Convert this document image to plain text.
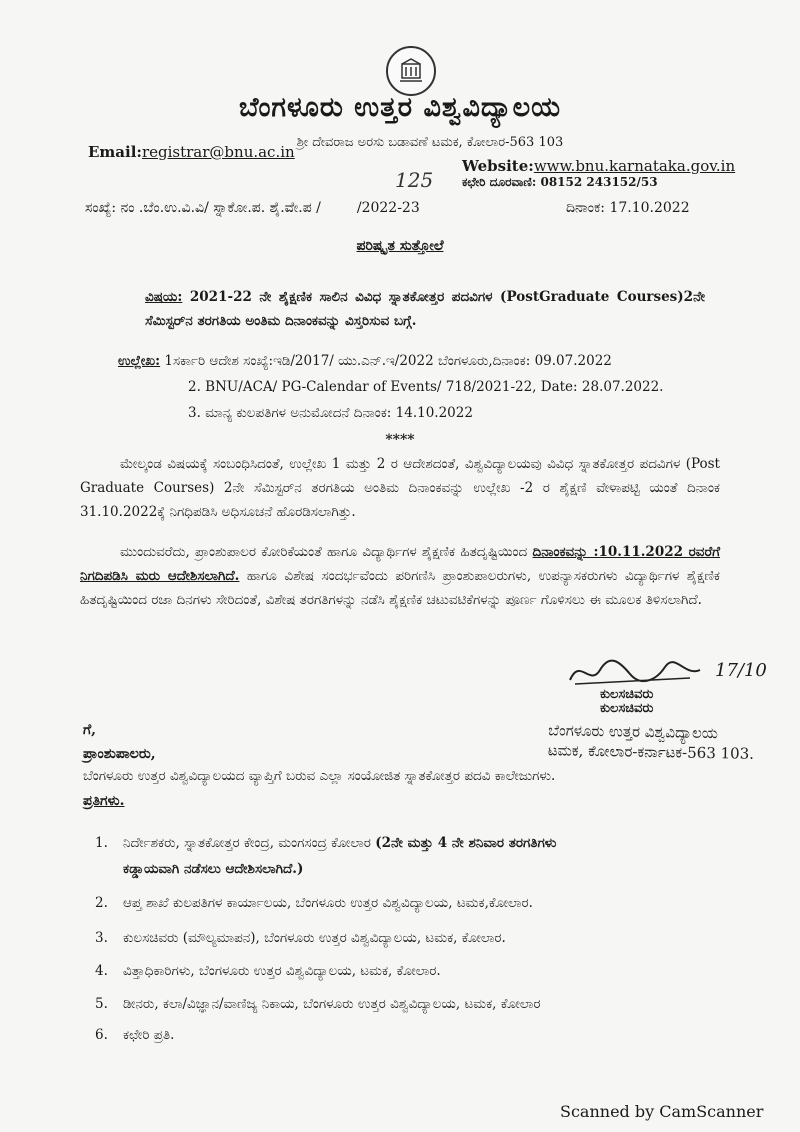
ಬೆಂಗಳೂರು ಉತ್ತರ ವಿಶ್ವವಿದ್ಯಾಲಯ
ಶ್ರೀ ದೇವರಾಜ ಅರಸು ಬಡಾವಣೆ ಟಮಕ, ಕೋಲಾರ-563 103
Email:registrar@bnu.ac.in
Website:www.bnu.karnataka.gov.in
ಕಛೇರಿ ದೂರವಾಣಿ: 08152 243152/53
ಸಂಖ್ಯೆ: ನಂ .ಬೆಂ.ಉ.ವಿ.ವಿ/ ಸ್ನಾಕೋ.ಪ. ಶೈ.ವೇ.ಪ /	/2022-23
125
ದಿನಾಂಕ: 17.10.2022
ಪರಿಷ್ಕೃತ ಸುತ್ತೋಲೆ
ವಿಷಯ: 2021-22 ನೇ ಶೈಕ್ಷಣಿಕ ಸಾಲಿನ ವಿವಿಧ ಸ್ನಾತಕೋತ್ತರ ಪದವಿಗಳ (PostGraduate Courses)2ನೇ ಸೆಮಿಸ್ಟರ್‌ನ ತರಗತಿಯ ಅಂತಿಮ ದಿನಾಂಕವನ್ನು ವಿಸ್ತರಿಸುವ ಬಗ್ಗೆ.
ಉಲ್ಲೇಖ: 1ಸರ್ಕಾರಿ ಆದೇಶ ಸಂಖ್ಯೆ:ಇಡಿ/2017/ ಯು.ಎನ್.ಇ/2022 ಬೆಂಗಳೂರು,ದಿನಾಂಕ: 09.07.2022
2. BNU/ACA/ PG-Calendar of Events/ 718/2021-22, Date: 28.07.2022.
3. ಮಾನ್ಯ ಕುಲಪತಿಗಳ ಅನುಮೋದನೆ ದಿನಾಂಕ: 14.10.2022
****
ಮೇಲ್ಕಂಡ ವಿಷಯಕ್ಕೆ ಸಂಬಂಧಿಸಿದಂತೆ, ಉಲ್ಲೇಖ 1 ಮತ್ತು 2 ರ ಆದೇಶದಂತೆ, ವಿಶ್ವವಿದ್ಯಾಲಯವು ವಿವಿಧ ಸ್ನಾತಕೋತ್ತರ ಪದವಿಗಳ (Post Graduate Courses) 2ನೇ ಸೆಮಿಸ್ಟರ್‌ನ ತರಗತಿಯ ಅಂತಿಮ ದಿನಾಂಕವನ್ನು ಉಲ್ಲೇಖ -2 ರ ಶೈಕ್ಷಣಿ ವೇಳಾಪಟ್ಟಿ ಯಂತೆ ದಿನಾಂಕ 31.10.2022ಕ್ಕೆ ನಿಗಧಿಪಡಿಸಿ ಅಧಿಸೂಚನೆ ಹೊರಡಿಸಲಾಗಿತ್ತು.
ಮುಂದುವರೆದು, ಪ್ರಾಂಶುಪಾಲರ ಕೋರಿಕೆಯಂತೆ ಹಾಗೂ ವಿದ್ಯಾರ್ಥಿಗಳ ಶೈಕ್ಷಣಿಕ ಹಿತದೃಷ್ಟಿಯಿಂದ ದಿನಾಂಕವನ್ನು :10.11.2022 ರವರೆಗೆ ನಿಗದಿಪಡಿಸಿ ಮರು ಆದೇಶಿಸಲಾಗಿದೆ. ಹಾಗೂ ವಿಶೇಷ ಸಂದರ್ಭವೆಂದು ಪರಿಗಣಿಸಿ ಪ್ರಾಂಶುಪಾಲರುಗಳು, ಉಪನ್ಯಾಸಕರುಗಳು ವಿದ್ಯಾರ್ಥಿಗಳ ಶೈಕ್ಷಣಿಕ ಹಿತದೃಷ್ಟಿಯಿಂದ ರಜಾ ದಿನಗಳು ಸೇರಿದಂತೆ, ವಿಶೇಷ ತರಗತಿಗಳನ್ನು ನಡೆಸಿ ಶೈಕ್ಷಣಿಕ ಚಟುವಟಿಕೆಗಳನ್ನು ಪೂರ್ಣ ಗೊಳಿಸಲು ಈ ಮೂಲಕ ತಿಳಿಸಲಾಗಿದೆ.
17/10
ಕುಲಸಚಿವರು
ಕುಲಸಚಿವರು
ಬೆಂಗಳೂರು ಉತ್ತರ ವಿಶ್ವವಿದ್ಯಾಲಯ
ಟಮಕ, ಕೋಲಾರ-ಕರ್ನಾಟಕ-563 103.
ಗೆ,
ಪ್ರಾಂಶುಪಾಲರು,
ಬೆಂಗಳೂರು ಉತ್ತರ ವಿಶ್ವವಿದ್ಯಾಲಯದ ವ್ಯಾಪ್ತಿಗೆ ಬರುವ ಎಲ್ಲಾ ಸಂಯೋಜಿತ ಸ್ನಾತಕೋತ್ತರ ಪದವಿ ಕಾಲೇಜುಗಳು.
ಪ್ರತಿಗಳು.
1. ನಿರ್ದೇಶಕರು, ಸ್ನಾತಕೋತ್ತರ ಕೇಂದ್ರ, ಮಂಗಸಂದ್ರ ಕೋಲಾರ (2ನೇ ಮತ್ತು 4 ನೇ ಶನಿವಾರ ತರಗತಿಗಳು
ಕಡ್ಡಾಯವಾಗಿ ನಡೆಸಲು ಆದೇಶಿಸಲಾಗಿದೆ.)
2. ಆಪ್ತ ಶಾಖೆ ಕುಲಪತಿಗಳ ಕಾರ್ಯಾಲಯ, ಬೆಂಗಳೂರು ಉತ್ತರ ವಿಶ್ವವಿದ್ಯಾಲಯ, ಟಮಕ,ಕೋಲಾರ.
3. ಕುಲಸಚಿವರು (ಮೌಲ್ಯಮಾಪನ), ಬೆಂಗಳೂರು ಉತ್ತರ ವಿಶ್ವವಿದ್ಯಾಲಯ, ಟಮಕ, ಕೋಲಾರ.
4. ವಿತ್ತಾಧಿಕಾರಿಗಳು, ಬೆಂಗಳೂರು ಉತ್ತರ ವಿಶ್ವವಿದ್ಯಾಲಯ, ಟಮಕ, ಕೋಲಾರ.
5. ಡೀನರು, ಕಲಾ/ವಿಜ್ಞಾನ/ವಾಣಿಜ್ಯ ನಿಕಾಯ, ಬೆಂಗಳೂರು ಉತ್ತರ ವಿಶ್ವವಿದ್ಯಾಲಯ, ಟಮಕ, ಕೋಲಾರ
6. ಕಛೇರಿ ಪ್ರತಿ.
Scanned by CamScanner
